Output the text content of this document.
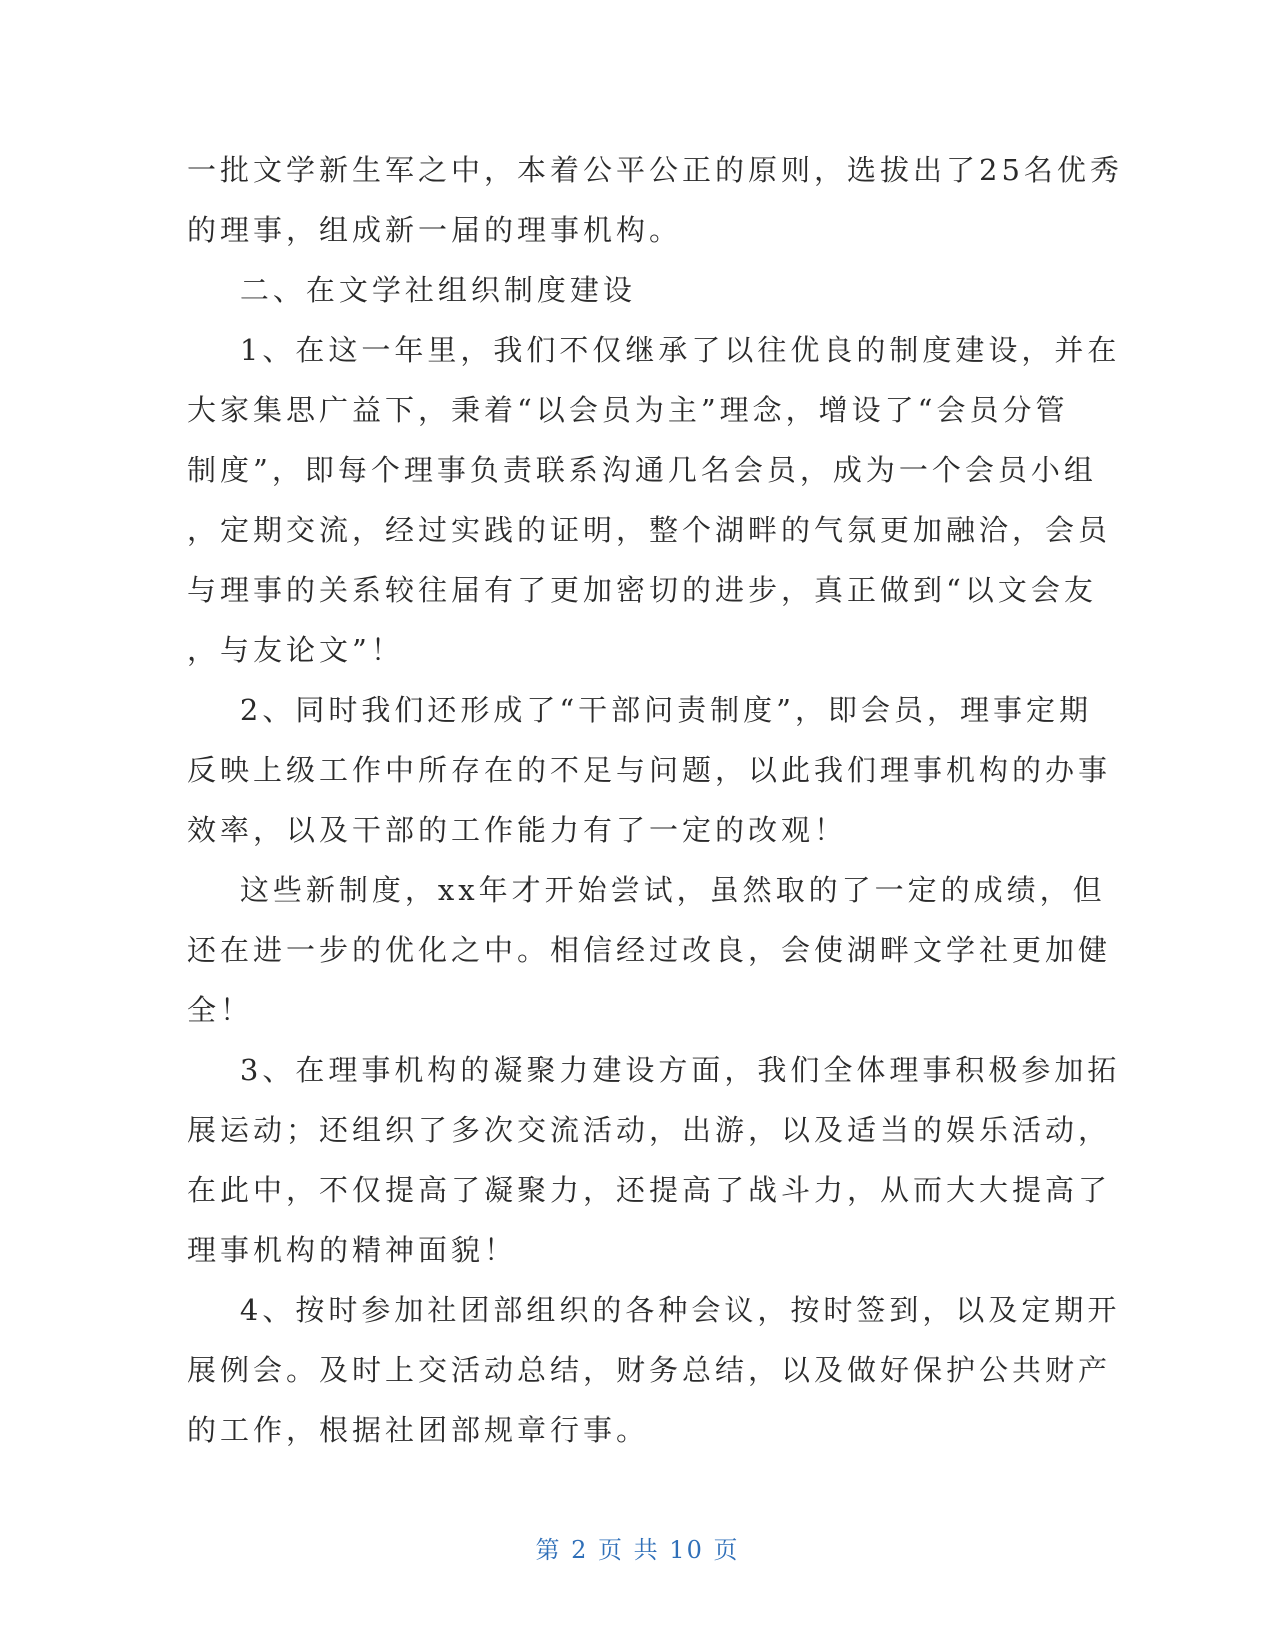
一批文学新生军之中，本着公平公正的原则，选拔出了25名优秀
的理事，组成新一届的理事机构。
二、在文学社组织制度建设
1、在这一年里，我们不仅继承了以往优良的制度建设，并在
大家集思广益下，秉着“以会员为主”理念，增设了“会员分管
制度”，即每个理事负责联系沟通几名会员，成为一个会员小组
，定期交流，经过实践的证明，整个湖畔的气氛更加融洽，会员
与理事的关系较往届有了更加密切的进步，真正做到“以文会友
，与友论文”！
2、同时我们还形成了“干部问责制度”，即会员，理事定期
反映上级工作中所存在的不足与问题，以此我们理事机构的办事
效率，以及干部的工作能力有了一定的改观！
这些新制度，xx年才开始尝试，虽然取的了一定的成绩，但
还在进一步的优化之中。相信经过改良，会使湖畔文学社更加健
全！
3、在理事机构的凝聚力建设方面，我们全体理事积极参加拓
展运动；还组织了多次交流活动，出游，以及适当的娱乐活动，
在此中，不仅提高了凝聚力，还提高了战斗力，从而大大提高了
理事机构的精神面貌！
4、按时参加社团部组织的各种会议，按时签到，以及定期开
展例会。及时上交活动总结，财务总结，以及做好保护公共财产
的工作，根据社团部规章行事。
第 2 页 共 10 页
